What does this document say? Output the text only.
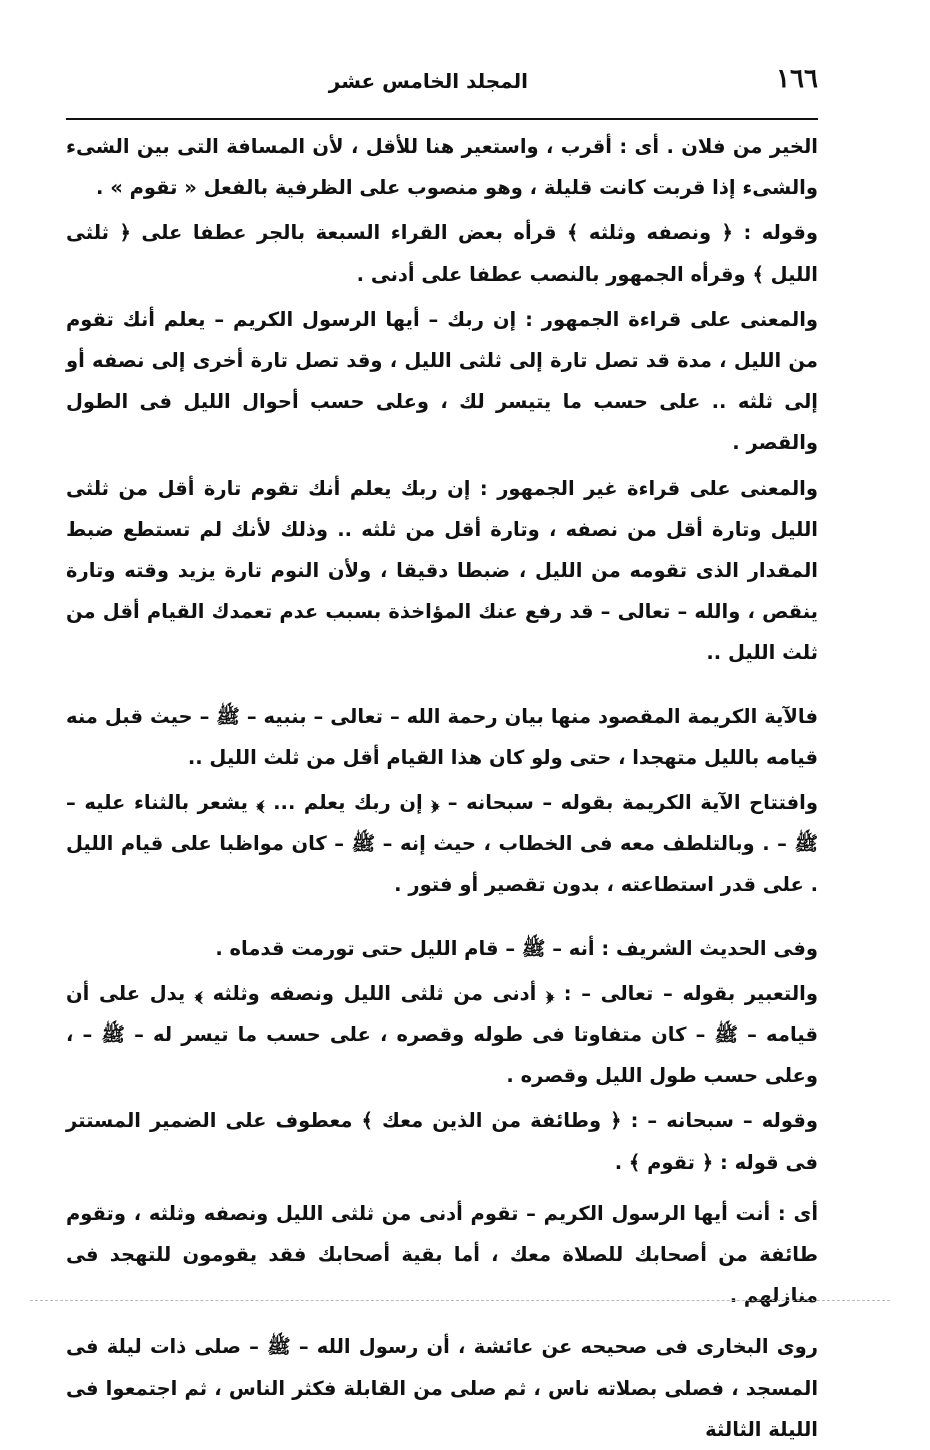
١٦٦
المجلد الخامس عشر

الخير من فلان . أى : أقرب ، واستعير هنا للأقل ، لأن المسافة التى بين الشىء والشىء إذا قربت كانت قليلة ، وهو منصوب على الظرفية بالفعل « تقوم » .

وقوله : ﴿ ونصفه وثلثه ﴾ قرأه بعض القراء السبعة بالجر عطفا على ﴿ ثلثى الليل ﴾ وقرأه الجمهور بالنصب عطفا على أدنى .

والمعنى على قراءة الجمهور : إن ربك – أيها الرسول الكريم – يعلم أنك تقوم من الليل ، مدة قد تصل تارة إلى ثلثى الليل ، وقد تصل تارة أخرى إلى نصفه أو إلى ثلثه .. على حسب ما يتيسر لك ، وعلى حسب أحوال الليل فى الطول والقصر .

والمعنى على قراءة غير الجمهور : إن ربك يعلم أنك تقوم تارة أقل من ثلثى الليل وتارة أقل من نصفه ، وتارة أقل من ثلثه .. وذلك لأنك لم تستطع ضبط المقدار الذى تقومه من الليل ، ضبطا دقيقا ، ولأن النوم تارة يزيد وقته وتارة ينقص ، والله – تعالى – قد رفع عنك المؤاخذة بسبب عدم تعمدك القيام أقل من ثلث الليل ..

فالآية الكريمة المقصود منها بيان رحمة الله – تعالى – بنبيه – ﷺ – حيث قبل منه قيامه بالليل متهجدا ، حتى ولو كان هذا القيام أقل من ثلث الليل ..

وافتتاح الآية الكريمة بقوله – سبحانه – ﴿ إن ربك يعلم ... ﴾ يشعر بالثناء عليه – ﷺ – . وبالتلطف معه فى الخطاب ، حيث إنه – ﷺ – كان مواظبا على قيام الليل . على قدر استطاعته ، بدون تقصير أو فتور .

وفى الحديث الشريف : أنه – ﷺ – قام الليل حتى تورمت قدماه .

والتعبير بقوله – تعالى – : ﴿ أدنى من ثلثى الليل ونصفه وثلثه ﴾ يدل على أن قيامه – ﷺ – كان متفاوتا فى طوله وقصره ، على حسب ما تيسر له – ﷺ – ، وعلى حسب طول الليل وقصره .

وقوله – سبحانه – : ﴿ وطائفة من الذين معك ﴾ معطوف على الضمير المستتر فى قوله : ﴿ تقوم ﴾ .

أى : أنت أيها الرسول الكريم – تقوم أدنى من ثلثى الليل ونصفه وثلثه ، وتقوم طائفة من أصحابك للصلاة معك ، أما بقية أصحابك فقد يقومون للتهجد فى منازلهم .

روى البخارى فى صحيحه عن عائشة ، أن رسول الله – ﷺ – صلى ذات ليلة فى المسجد ، فصلى بصلاته ناس ، ثم صلى من القابلة فكثر الناس ، ثم اجتمعوا فى الليلة الثالثة
